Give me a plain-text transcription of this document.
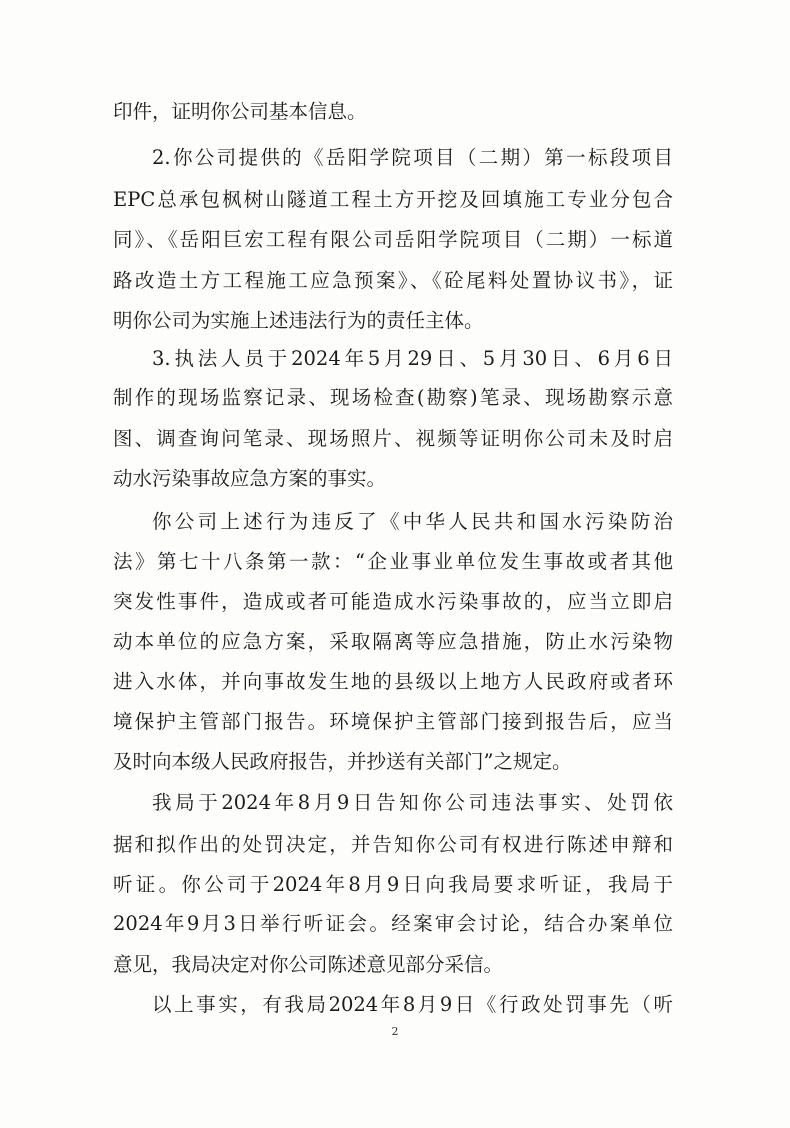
印件，证明你公司基本信息。
2.你公司提供的《岳阳学院项目（二期）第一标段项目
EPC总承包枫树山隧道工程土方开挖及回填施工专业分包合
同》、《岳阳巨宏工程有限公司岳阳学院项目（二期）一标道
路改造土方工程施工应急预案》、《砼尾料处置协议书》，证
明你公司为实施上述违法行为的责任主体。
3.执法人员于2024年5月29日、5月30日、6月6日
制作的现场监察记录、现场检查(勘察)笔录、现场勘察示意
图、调查询问笔录、现场照片、视频等证明你公司未及时启
动水污染事故应急方案的事实。
你公司上述行为违反了《中华人民共和国水污染防治
法》第七十八条第一款：“企业事业单位发生事故或者其他
突发性事件，造成或者可能造成水污染事故的，应当立即启
动本单位的应急方案，采取隔离等应急措施，防止水污染物
进入水体，并向事故发生地的县级以上地方人民政府或者环
境保护主管部门报告。环境保护主管部门接到报告后，应当
及时向本级人民政府报告，并抄送有关部门”之规定。
我局于2024年8月9日告知你公司违法事实、处罚依
据和拟作出的处罚决定，并告知你公司有权进行陈述申辩和
听证。你公司于2024年8月9日向我局要求听证，我局于
2024年9月3日举行听证会。经案审会讨论，结合办案单位
意见，我局决定对你公司陈述意见部分采信。
以上事实，有我局2024年8月9日《行政处罚事先（听
2
